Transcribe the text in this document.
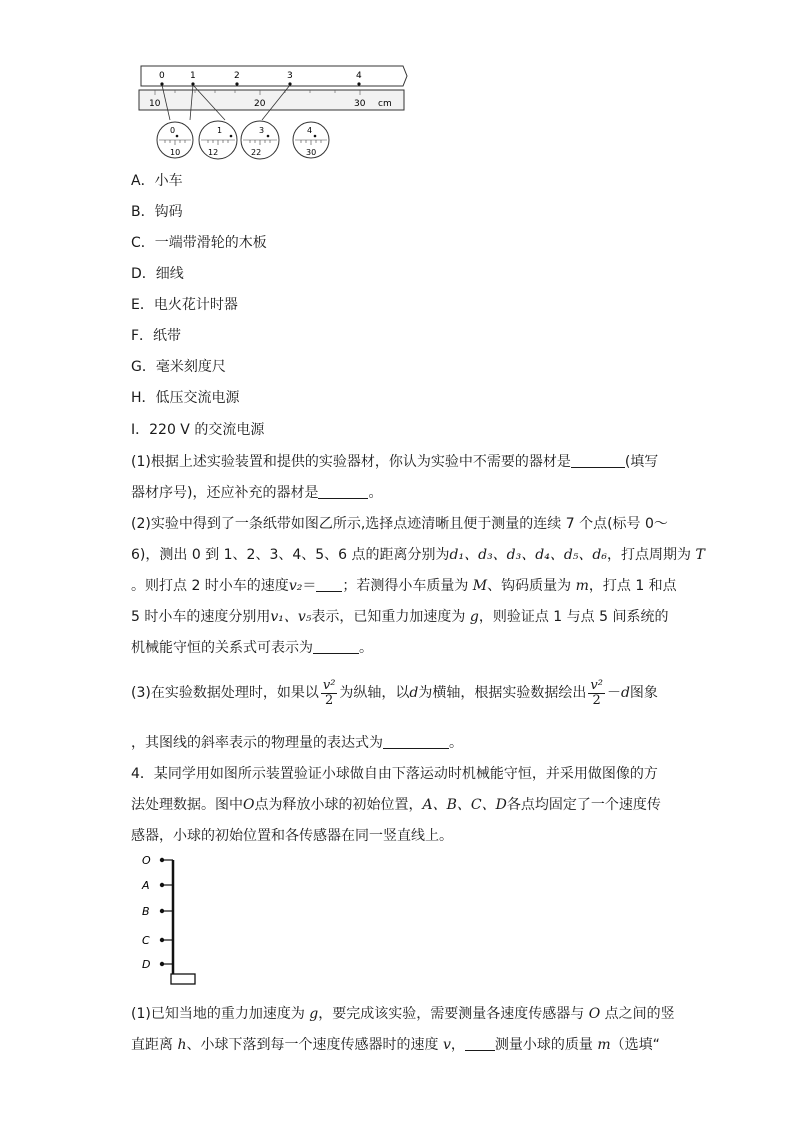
0	1	2	3	4
10	20	30 cm
0
10
1
12
3
22
4
30
A．小车
B．钩码
C．一端带滑轮的木板
D．细线
E．电火花计时器
F．纸带
G．毫米刻度尺
H．低压交流电源
I．220 V 的交流电源
(1)根据上述实验装置和提供的实验器材，你认为实验中不需要的器材是	(填写
器材序号)，还应补充的器材是	。
(2)实验中得到了一条纸带如图乙所示,选择点迹清晰且便于测量的连续 7 个点(标号 0～
6)，测出 0 到 1、2、3、4、5、6 点的距离分别为d₁、d₃、d₃、d₄、d₅、d₆，打点周期为 T
。则打点 2 时小车的速度v₂＝ ；若测得小车质量为 M、钩码质量为 m，打点 1 和点
5 时小车的速度分别用v₁、v₅表示，已知重力加速度为 g，则验证点 1 与点 5 间系统的
机械能守恒的关系式可表示为	。
(3)在实验数据处理时，如果以 $\frac{\text{v²}}{2}$ 为纵轴，以d为横轴，根据实验数据绘出 $\frac{\text{v²}}{2} -d$图象
，其图线的斜率表示的物理量的表达式为	。
4．某同学用如图所示装置验证小球做自由下落运动时机械能守恒，并采用做图像的方
法处理数据。图中O点为释放小球的初始位置，A、B、C、D各点均固定了一个速度传
感器，小球的初始位置和各传感器在同一竖直线上。
O
A
B
C
D
(1)已知当地的重力加速度为 g，要完成该实验，需要测量各速度传感器与 O 点之间的竖
直距离 h、小球下落到每一个速度传感器时的速度 v， 测量小球的质量 m（选填“
